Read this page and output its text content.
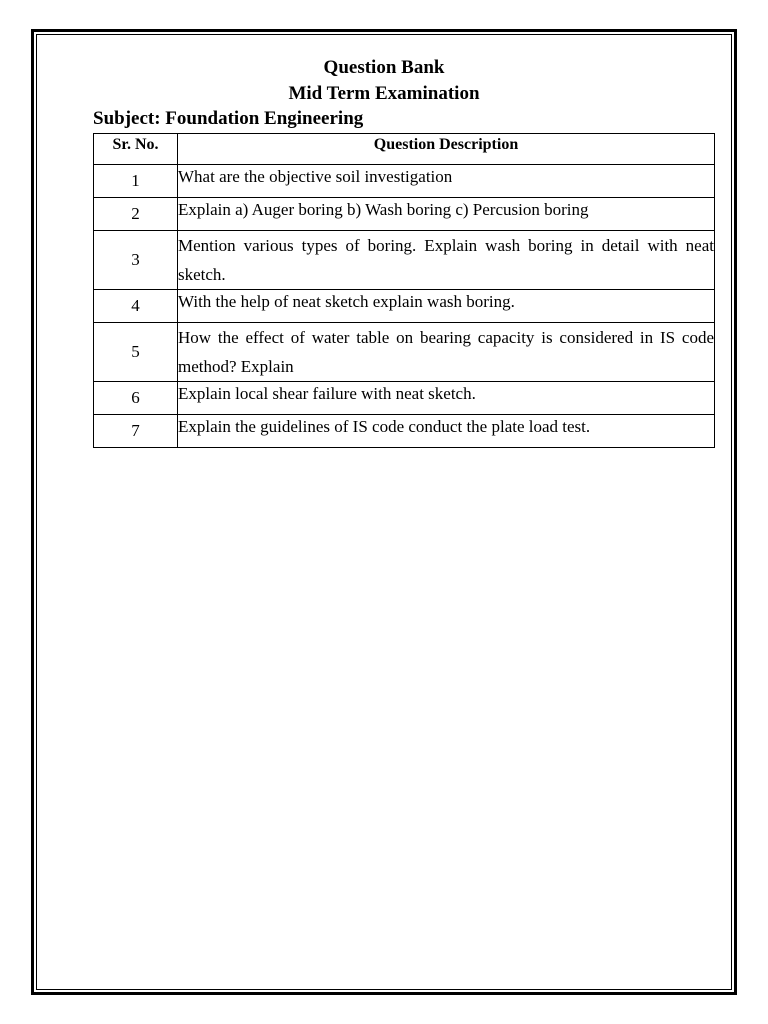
Question Bank
Mid Term Examination
Subject: Foundation Engineering
Sr. No.	Question Description
1	What are the objective soil investigation
2	Explain a) Auger boring b) Wash boring c) Percusion boring
3	Mention various types of boring. Explain wash boring in detail with neat sketch.
4	With the help of neat sketch explain wash boring.
5	How the effect of water table on bearing capacity is considered in IS code method? Explain
6	Explain local shear failure with neat sketch.
7	Explain the guidelines of IS code conduct the plate load test.
